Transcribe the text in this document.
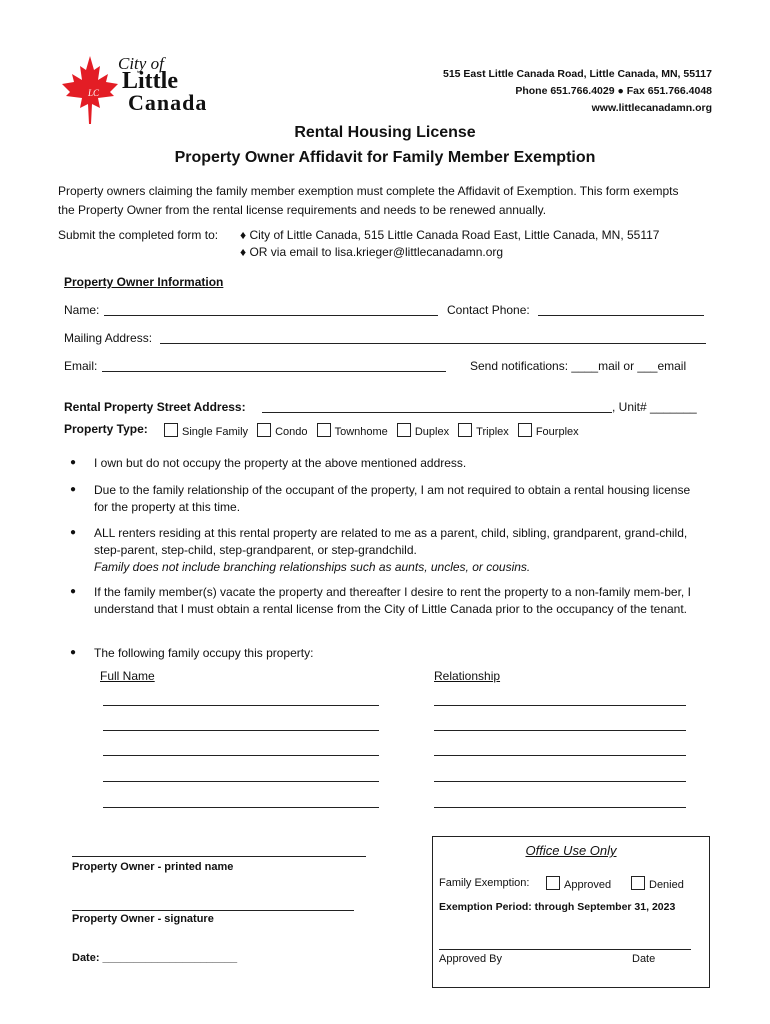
LC
City of
Little
Canada
515 East Little Canada Road, Little Canada, MN, 55117
Phone 651.766.4029 ● Fax 651.766.4048
www.littlecanadamn.org
Rental Housing License
Property Owner Affidavit for Family Member Exemption
Property owners claiming the family member exemption must complete the Affidavit of Exemption. This form exempts
the Property Owner from the rental license requirements and needs to be renewed annually.
Submit the completed form to: ♦ City of Little Canada, 515 Little Canada Road East, Little Canada, MN, 55117
♦ OR via email to lisa.krieger@littlecanadamn.org
Property Owner Information
Name:	Contact Phone:
Mailing Address:
Email:	Send notifications: ____mail or ___email
Rental Property Street Address:	, Unit# _______
Property Type:	Single Family Condo Townhome Duplex Triplex Fourplex
● I own but do not occupy the property at the above mentioned address.
● Due to the family relationship of the occupant of the property, I am not required to obtain a rental housing license for the property at this time.
● ALL renters residing at this rental property are related to me as a parent, child, sibling, grandparent, grand-child, step-parent, step-child, step-grandparent, or step-grandchild.
Family does not include branching relationships such as aunts, uncles, or cousins.
● If the family member(s) vacate the property and thereafter I desire to rent the property to a non-family mem-ber, I understand that I must obtain a rental license from the City of Little Canada prior to the occupancy of the tenant.
● The following family occupy this property:
Full Name	Relationship
Property Owner - printed name
Property Owner - signature
Date: ______________________
Office Use Only
Family Exemption:	Approved	Denied
Exemption Period: through September 31, 2023
Approved By	Date
